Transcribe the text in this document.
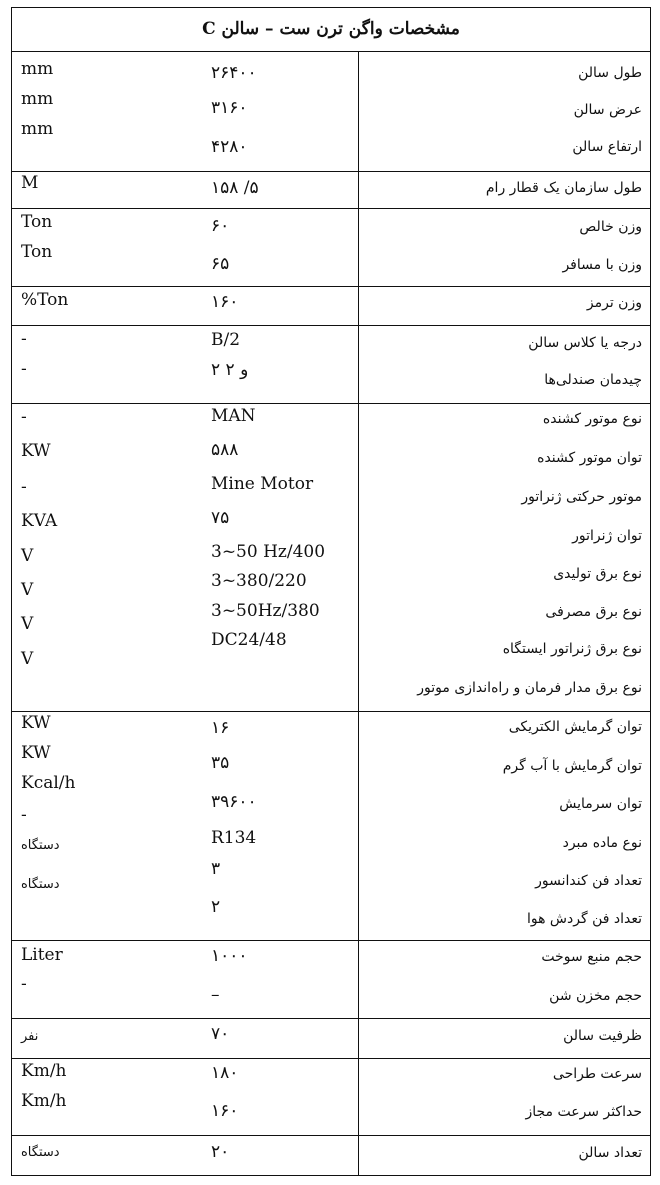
مشخصات واگن ترن ست – سالن C
طول سالن
عرض سالن
ارتفاع سالن
طول سازمان یک قطار رام
وزن خالص
وزن با مسافر
وزن ترمز
درجه یا کلاس سالن
چیدمان صندلی‌ها
نوع موتور کشنده
توان موتور کشنده
موتور حرکتی ژنراتور
توان ژنراتور
نوع برق تولیدی
نوع برق مصرفی
نوع برق ژنراتور ایستگاه
نوع برق مدار فرمان و راه‌اندازی موتور
توان گرمایش الکتریکی
توان گرمایش با آب گرم
توان سرمایش
نوع ماده مبرد
تعداد فن کندانسور
تعداد فن گردش هوا
حجم منبع سوخت
حجم مخزن شن
ظرفیت سالن
سرعت طراحی
حداکثر سرعت مجاز
تعداد سالن
۲۶۴۰۰
۳۱۶۰
۴۲۸۰
۱۵۸ /۵
۶۰
۶۵
۱۶۰
B/2
۲ و ۲
MAN
۵۸۸
Mine Motor
۷۵
3~50 Hz/400
3~380/220
3~50Hz/380
DC24/48
۱۶
۳۵
۳۹۶۰۰
R134
۳
۲
۱۰۰۰
–
۷۰
۱۸۰
۱۶۰
۲۰
mm
mm
mm
M
Ton
Ton
%Ton
-
-
-
KW
-
KVA
V
V
V
V
KW
KW
Kcal/h
-
دستگاه
دستگاه
Liter
-
نفر
Km/h
Km/h
دستگاه
